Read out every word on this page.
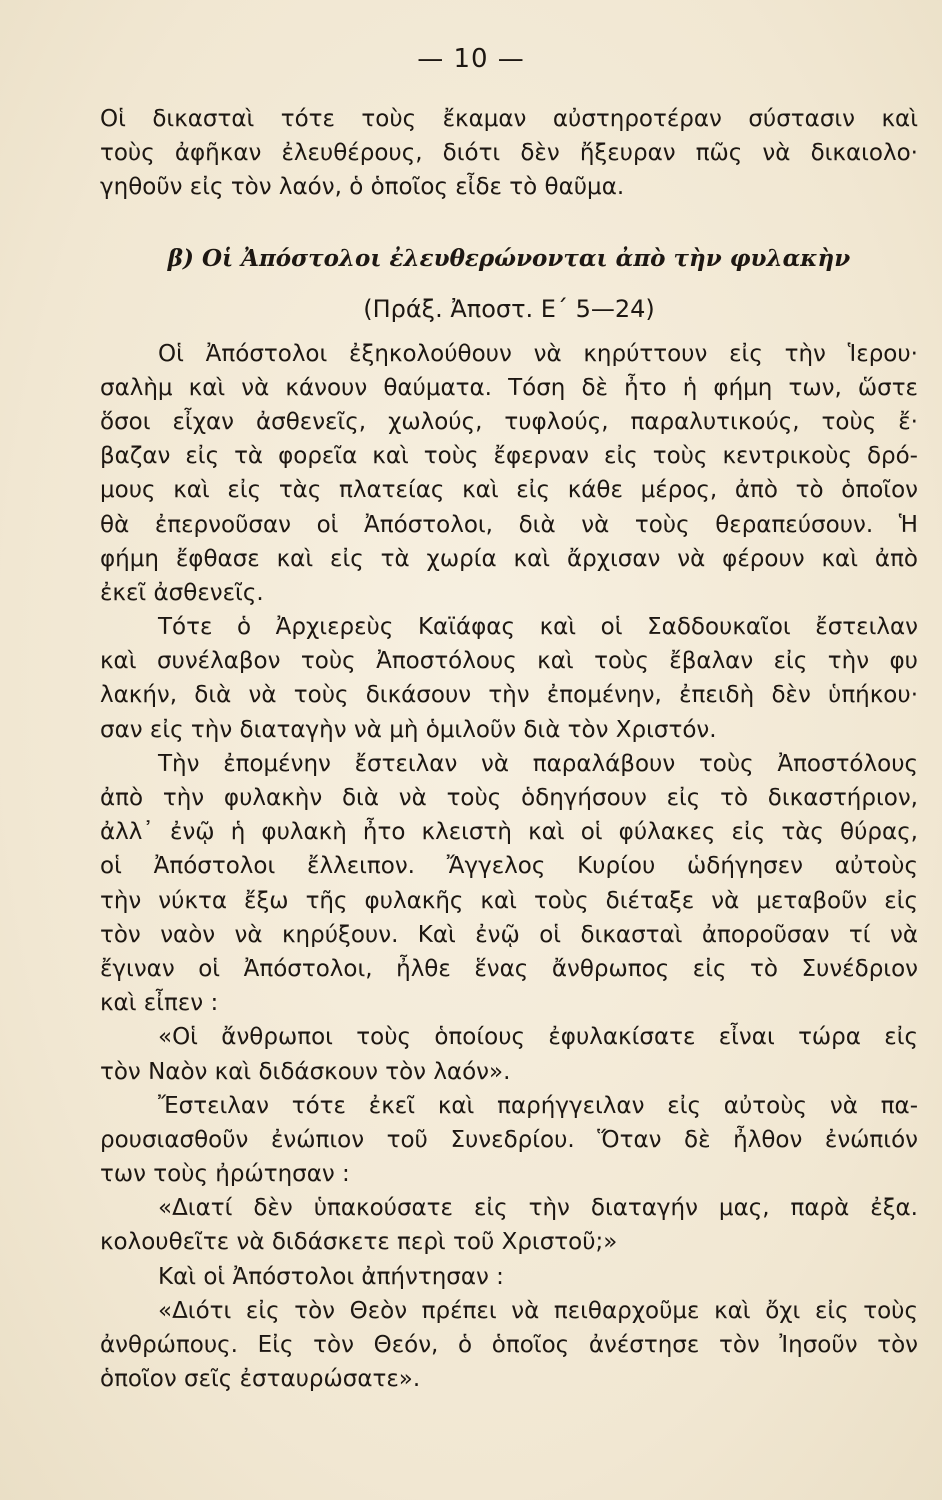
— 10 —
Οἱ δικασταὶ τότε τοὺς ἔκαμαν αὐστηροτέραν σύστασιν καὶ
τοὺς ἀφῆκαν ἐλευθέρους, διότι δὲν ἤξευραν πῶς νὰ δικαιολο·
γηθοῦν εἰς τὸν λαόν, ὁ ὁποῖος εἶδε τὸ θαῦμα.
β) Οἱ Ἀπόστολοι ἐλευθερώνονται ἀπὸ τὴν φυλακὴν
(Πράξ. Ἀποστ. Ε΄ 5—24)
Οἱ Ἀπόστολοι ἐξηκολούθουν νὰ κηρύττουν εἰς τὴν Ἱερου·
σαλὴμ καὶ νὰ κάνουν θαύματα. Τόση δὲ ἦτο ἡ φήμη των, ὥστε
ὅσοι εἶχαν ἀσθενεῖς, χωλούς, τυφλούς, παραλυτικούς, τοὺς ἔ·
βαζαν εἰς τὰ φορεῖα καὶ τοὺς ἔφερναν εἰς τοὺς κεντρικοὺς δρό-
μους καὶ εἰς τὰς πλατείας καὶ εἰς κάθε μέρος, ἀπὸ τὸ ὁποῖον
θὰ ἐπερνοῦσαν οἱ Ἀπόστολοι, διὰ νὰ τοὺς θεραπεύσουν. Ἡ
φήμη ἔφθασε καὶ εἰς τὰ χωρία καὶ ἄρχισαν νὰ φέρουν καὶ ἀπὸ
ἐκεῖ ἀσθενεῖς.
Τότε ὁ Ἀρχιερεὺς Καϊάφας καὶ οἱ Σαδδουκαῖοι ἔστειλαν
καὶ συνέλαβον τοὺς Ἀποστόλους καὶ τοὺς ἔβαλαν εἰς τὴν φυ
λακήν, διὰ νὰ τοὺς δικάσουν τὴν ἐπομένην, ἐπειδὴ δὲν ὑπήκου·
σαν εἰς τὴν διαταγὴν νὰ μὴ ὁμιλοῦν διὰ τὸν Χριστόν.
Τὴν ἐπομένην ἔστειλαν νὰ παραλάβουν τοὺς Ἀποστόλους
ἀπὸ τὴν φυλακὴν διὰ νὰ τοὺς ὁδηγήσουν εἰς τὸ δικαστήριον,
ἀλλ᾽ ἐνῷ ἡ φυλακὴ ἦτο κλειστὴ καὶ οἱ φύλακες εἰς τὰς θύρας,
οἱ Ἀπόστολοι ἔλλειπον. Ἄγγελος Κυρίου ὡδήγησεν αὐτοὺς
τὴν νύκτα ἔξω τῆς φυλακῆς καὶ τοὺς διέταξε νὰ μεταβοῦν εἰς
τὸν ναὸν νὰ κηρύξουν. Καὶ ἐνῷ οἱ δικασταὶ ἀποροῦσαν τί νὰ
ἔγιναν οἱ Ἀπόστολοι, ἦλθε ἕνας ἄνθρωπος εἰς τὸ Συνέδριον
καὶ εἶπεν :
«Οἱ ἄνθρωποι τοὺς ὁποίους ἐφυλακίσατε εἶναι τώρα εἰς
τὸν Ναὸν καὶ διδάσκουν τὸν λαόν».
Ἔστειλαν τότε ἐκεῖ καὶ παρήγγειλαν εἰς αὐτοὺς νὰ πα-
ρουσιασθοῦν ἐνώπιον τοῦ Συνεδρίου. Ὅταν δὲ ἦλθον ἐνώπιόν
των τοὺς ἠρώτησαν :
«Διατί δὲν ὑπακούσατε εἰς τὴν διαταγήν μας, παρὰ ἐξα.
κολουθεῖτε νὰ διδάσκετε περὶ τοῦ Χριστοῦ;»
Καὶ οἱ Ἀπόστολοι ἀπήντησαν :
«Διότι εἰς τὸν Θεὸν πρέπει νὰ πειθαρχοῦμε καὶ ὄχι εἰς τοὺς
ἀνθρώπους. Εἰς τὸν Θεόν, ὁ ὁποῖος ἀνέστησε τὸν Ἰησοῦν τὸν
ὁποῖον σεῖς ἐσταυρώσατε».
